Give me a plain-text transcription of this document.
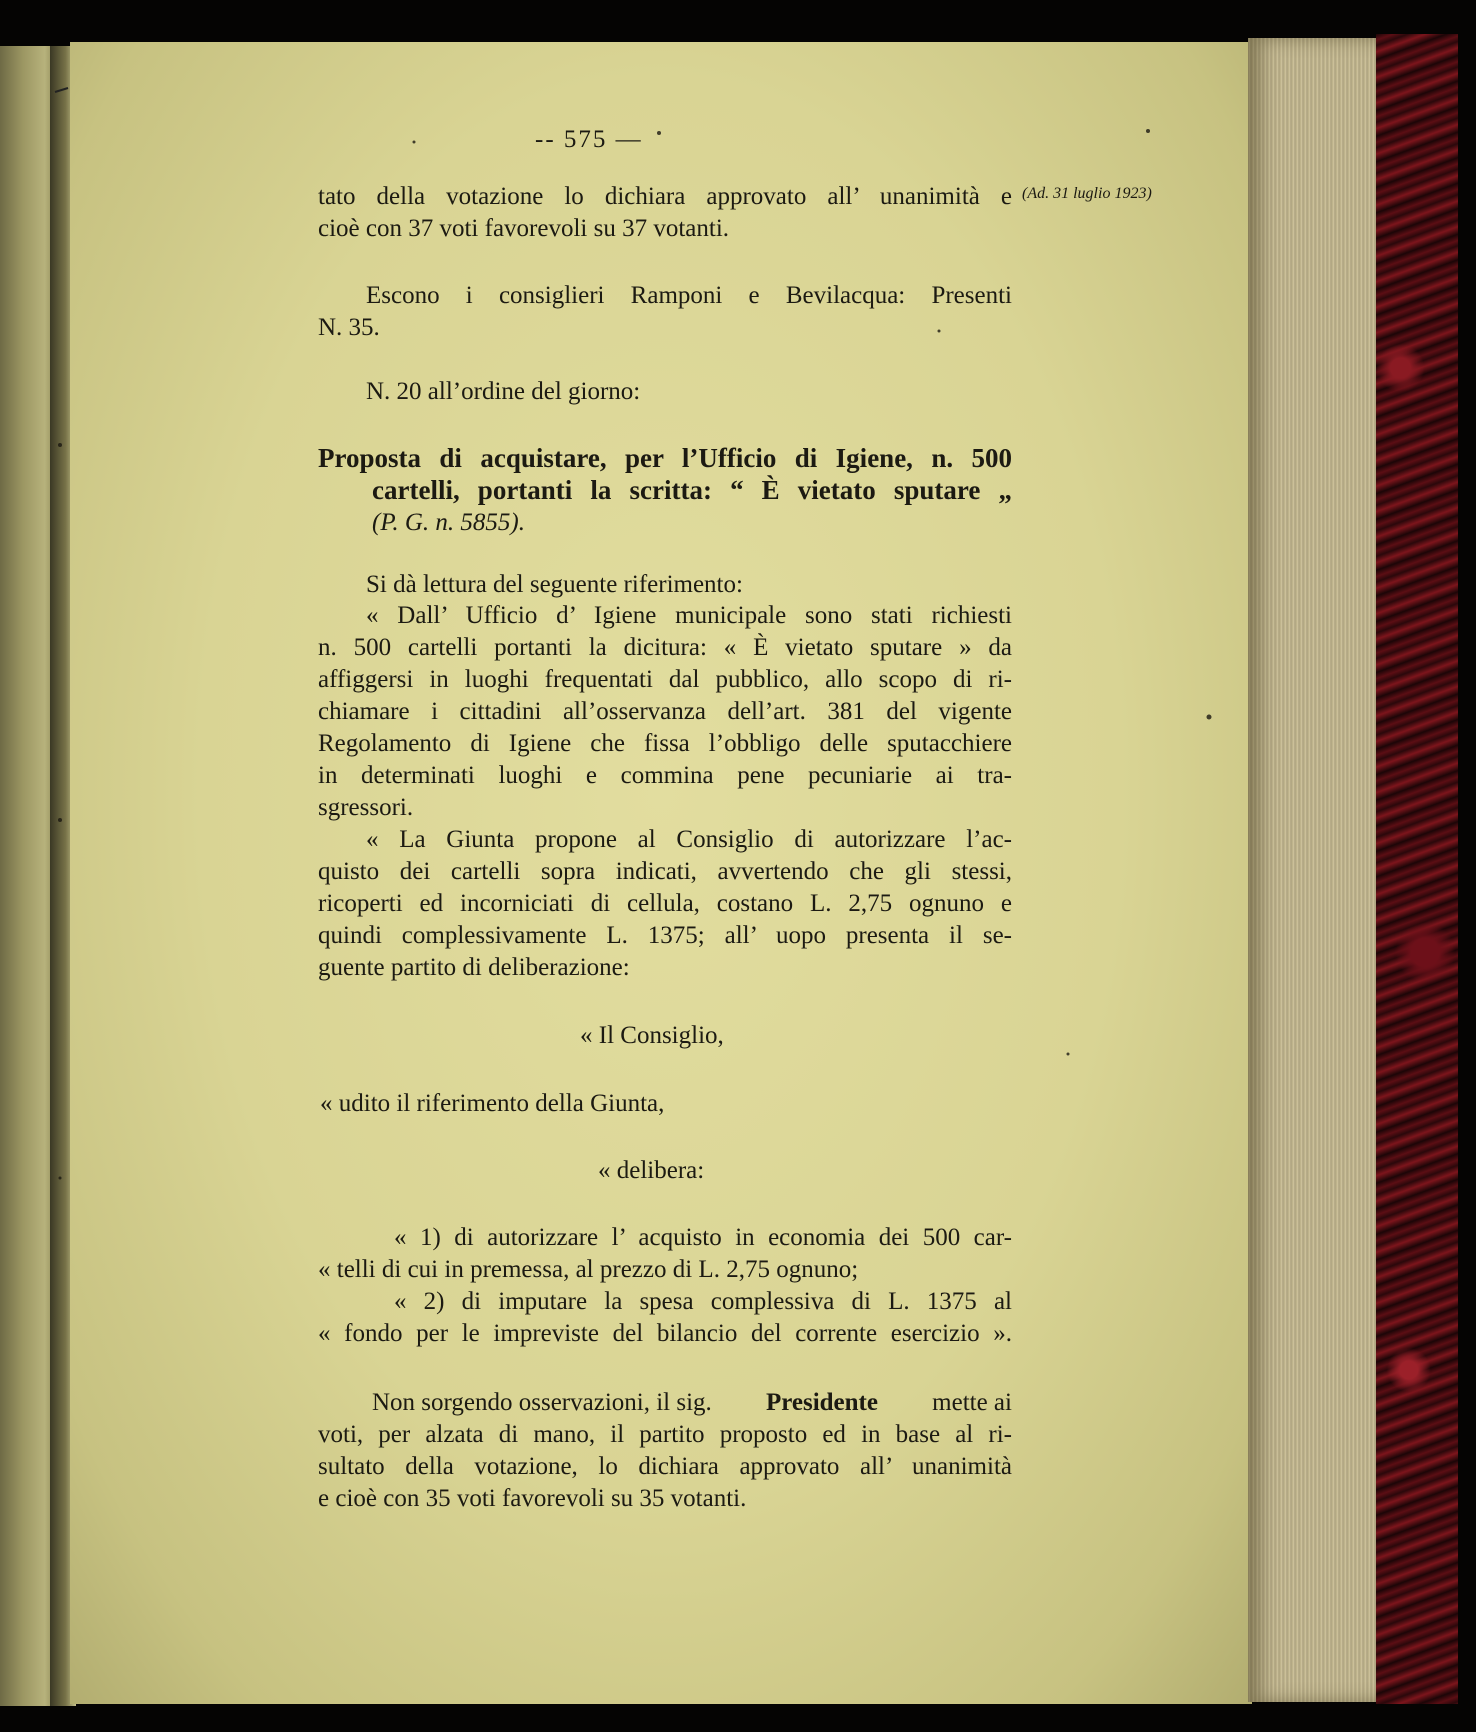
-- 575 —
(Ad. 31 luglio 1923)

tato della votazione lo dichiara approvato all’ unanimità e

cioè con 37 voti favorevoli su 37 votanti.

Escono i consiglieri Ramponi e Bevilacqua: Presenti

N. 35.

N. 20 all’ordine del giorno:

Proposta di acquistare, per l’Ufficio di Igiene, n. 500

cartelli, portanti la scritta: “ È vietato sputare „

(P. G. n. 5855).
Si dà lettura del seguente riferimento:

« Dall’ Ufficio d’ Igiene municipale sono stati richiesti

n. 500 cartelli portanti la dicitura: « È vietato sputare » da

affiggersi in luoghi frequentati dal pubblico, allo scopo di ri-

chiamare i cittadini all’osservanza dell’art. 381 del vigente

Regolamento di Igiene che fissa l’obbligo delle sputacchiere

in determinati luoghi e commina pene pecuniarie ai tra-

sgressori.

« La Giunta propone al Consiglio di autorizzare l’ac-

quisto dei cartelli sopra indicati, avvertendo che gli stessi,

ricoperti ed incorniciati di cellula, costano L. 2,75 ognuno e

quindi complessivamente L. 1375; all’ uopo presenta il se-

guente partito di deliberazione:

« Il Consiglio,
« udito il riferimento della Giunta,
« delibera:

« 1) di autorizzare l’ acquisto in economia dei 500 car-

« telli di cui in premessa, al prezzo di L. 2,75 ognuno;

« 2) di imputare la spesa complessiva di L. 1375 al

« fondo per le impreviste del bilancio del corrente esercizio ».

Non sorgendo osservazioni, il sig. Presidente mette ai

voti, per alzata di mano, il partito proposto ed in base al ri-

sultato della votazione, lo dichiara approvato all’ unanimità

e cioè con 35 voti favorevoli su 35 votanti.
